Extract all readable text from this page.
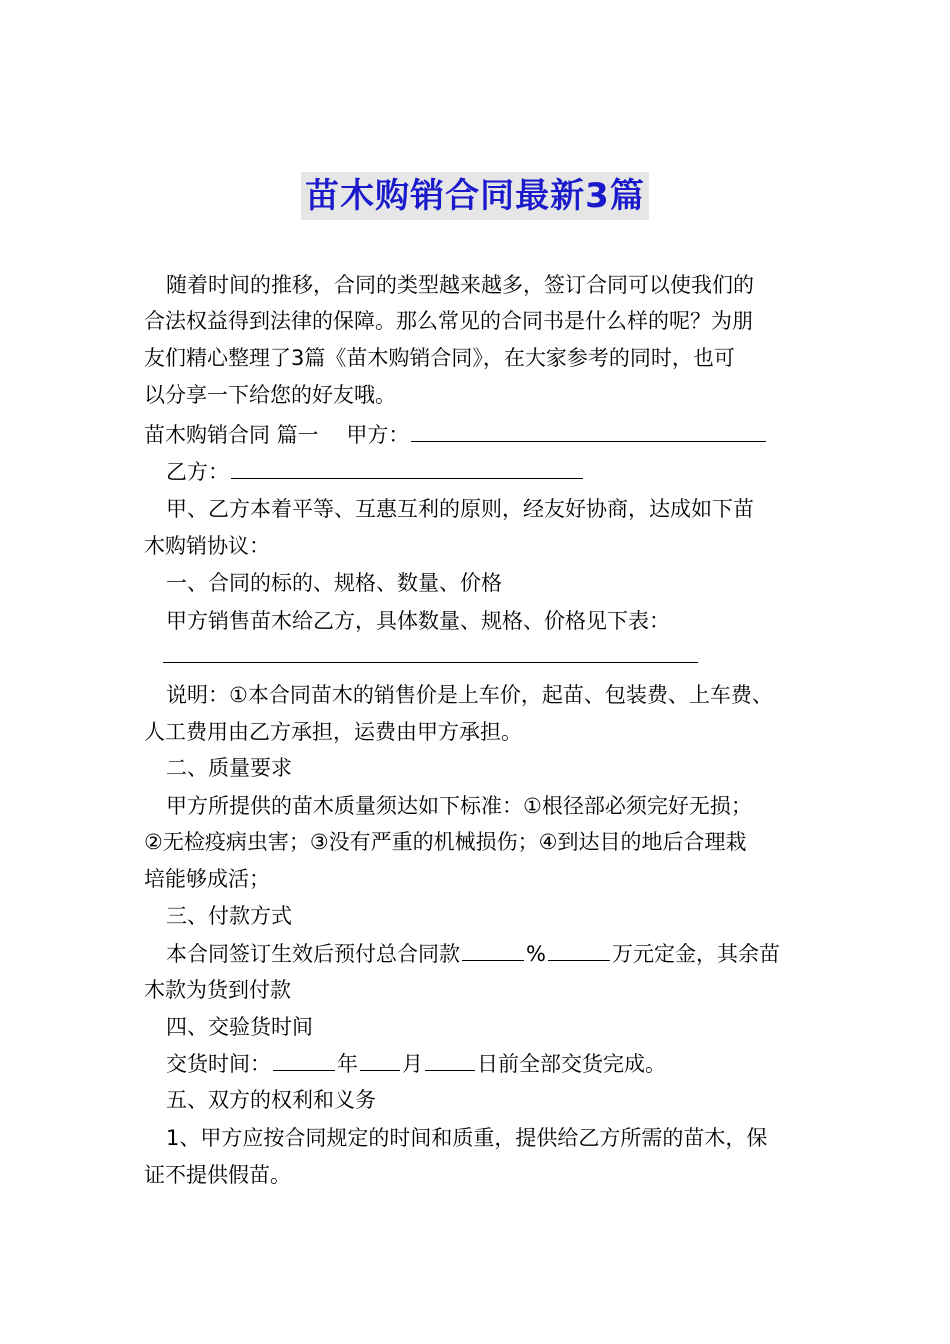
苗木购销合同最新3篇
随着时间的推移，合同的类型越来越多，签订合同可以使我们的
合法权益得到法律的保障。那么常见的合同书是什么样的呢？为朋
友们精心整理了3篇《苗木购销合同》，在大家参考的同时，也可
以分享一下给您的好友哦。
苗木购销合同 篇一　 甲方：
乙方：
甲、乙方本着平等、互惠互利的原则，经友好协商，达成如下苗
木购销协议：
一、合同的标的、规格、数量、价格
甲方销售苗木给乙方，具体数量、规格、价格见下表：
说明：①本合同苗木的销售价是上车价，起苗、包装费、上车费、
人工费用由乙方承担，运费由甲方承担。
二、质量要求
甲方所提供的苗木质量须达如下标准：①根径部必须完好无损；
②无检疫病虫害；③没有严重的机械损伤；④到达目的地后合理栽
培能够成活；
三、付款方式
本合同签订生效后预付总合同款	%	万元定金，其余苗
木款为货到付款
四、交验货时间
交货时间：	年 月	日前全部交货完成。
五、双方的权利和义务
1、甲方应按合同规定的时间和质重，提供给乙方所需的苗木，保
证不提供假苗。
